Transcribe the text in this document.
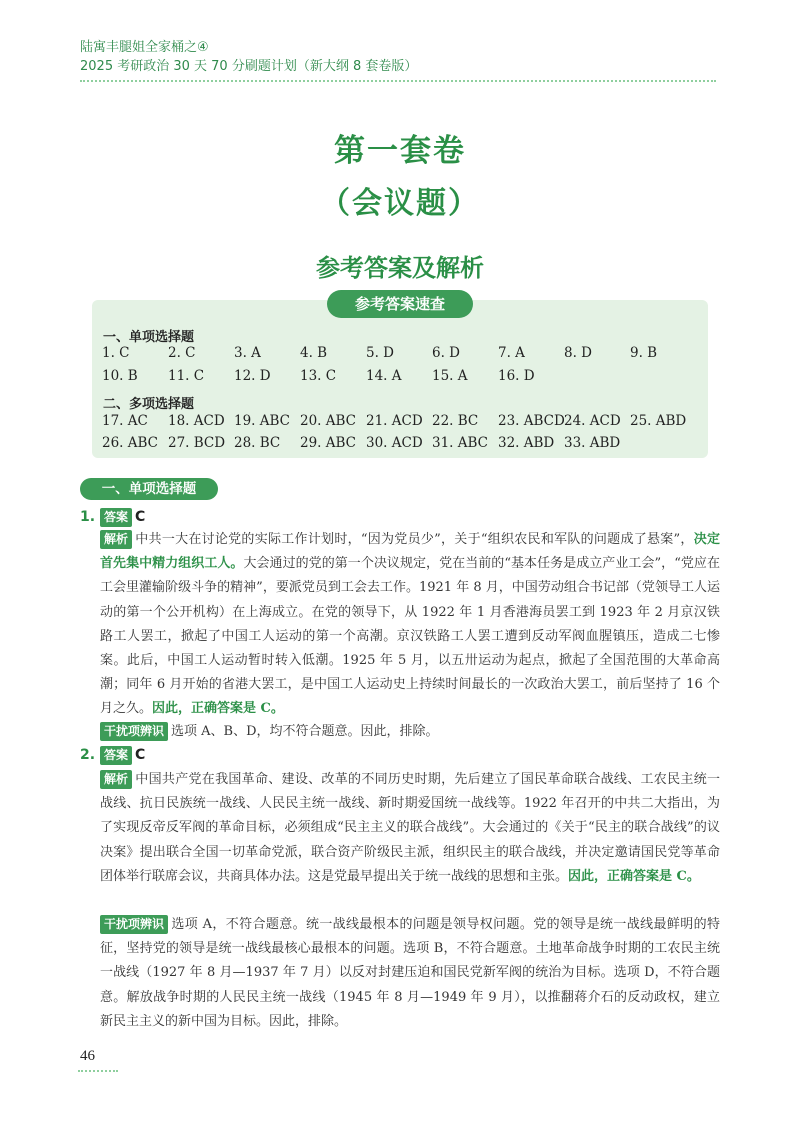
陆寓丰腿姐全家桶之④
2025 考研政治 30 天 70 分刷题计划（新大纲 8 套卷版）
第一套卷
（会议题）
参考答案及解析
参考答案速查
一、单项选择题
1. C	2. C	3. A	4. B	5. D	6. D	7. A	8. D	9. B
10. B 11. C 12. D 13. C 14. A 15. A 16. D
二、多项选择题
17. AC 18. ACD 19. ABC 20. ABC 21. ACD 22. BC 23. ABCD 24. ACD 25. ABD
26. ABC 27. BCD 28. BC 29. ABC 30. ACD 31. ABC 32. ABD 33. ABD
一、单项选择题
1. 答案 C
解析 中共一大在讨论党的实际工作计划时，“因为党员少”，关于“组织农民和军队的问题成了悬案”，决定首先集中精力组织工人。大会通过的党的第一个决议规定，党在当前的“基本任务是成立产业工会”，“党应在工会里灌输阶级斗争的精神”，要派党员到工会去工作。1921 年 8 月，中国劳动组合书记部（党领导工人运动的第一个公开机构）在上海成立。在党的领导下，从 1922 年 1 月香港海员罢工到 1923 年 2 月京汉铁路工人罢工，掀起了中国工人运动的第一个高潮。京汉铁路工人罢工遭到反动军阀血腥镇压，造成二七惨案。此后，中国工人运动暂时转入低潮。1925 年 5 月，以五卅运动为起点，掀起了全国范围的大革命高潮；同年 6 月开始的省港大罢工，是中国工人运动史上持续时间最长的一次政治大罢工，前后坚持了 16 个月之久。因此，正确答案是 C。
干扰项辨识 选项 A、B、D，均不符合题意。因此，排除。
2. 答案 C
解析 中国共产党在我国革命、建设、改革的不同历史时期，先后建立了国民革命联合战线、工农民主统一战线、抗日民族统一战线、人民民主统一战线、新时期爱国统一战线等。1922 年召开的中共二大指出，为了实现反帝反军阀的革命目标，必须组成“民主主义的联合战线”。大会通过的《关于“民主的联合战线”的议决案》提出联合全国一切革命党派，联合资产阶级民主派，组织民主的联合战线，并决定邀请国民党等革命团体举行联席会议，共商具体办法。这是党最早提出关于统一战线的思想和主张。因此，正确答案是 C。
干扰项辨识 选项 A，不符合题意。统一战线最根本的问题是领导权问题。党的领导是统一战线最鲜明的特征，坚持党的领导是统一战线最核心最根本的问题。选项 B，不符合题意。土地革命战争时期的工农民主统一战线（1927 年 8 月—1937 年 7 月）以反对封建压迫和国民党新军阀的统治为目标。选项 D，不符合题意。解放战争时期的人民民主统一战线（1945 年 8 月—1949 年 9 月），以推翻蒋介石的反动政权，建立新民主主义的新中国为目标。因此，排除。
46
